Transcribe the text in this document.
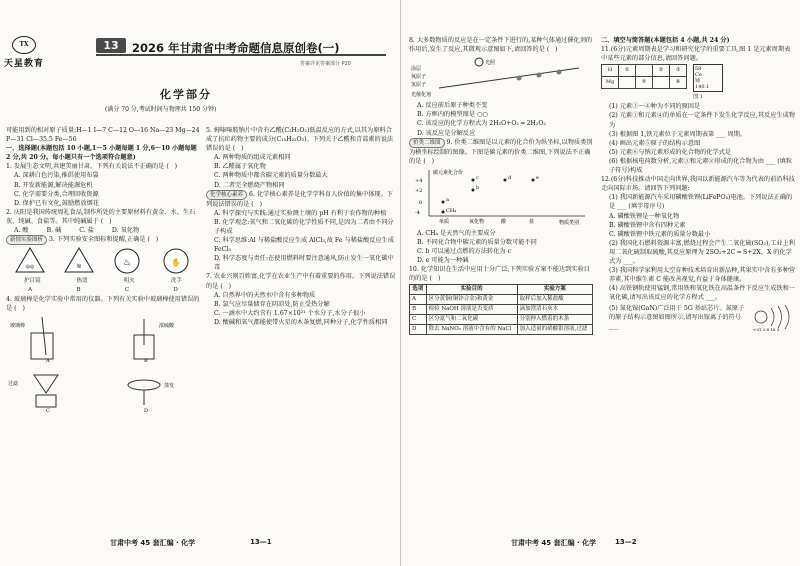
TX
天星教育
13	2026 年甘肃省中考命题信息原创卷(一)
答案详见答案部分 P20
化学部分
(满分 70 分,考试时间与物理共 150 分钟)

可能用到的相对原子质量:H—1 I—7 C—12 O—16 Na—23 Mg—24 P—31 Cl—35.5 Fe—56

一、选择题(本题包括 10 小题,1～5 小题每题 1 分,6～10 小题每题 2 分,共 20 分。每小题只有一个选项符合题意)

1. 发展生态文明,共建美丽甘肃。下列有关说法不正确的是 (   )

A. 深耕白色污染,推倡使用布袋

B. 开发新能源,解决能源危机

C. 化学需要分类,合理回收资源

D. 保护已有文化,鼓励燃放烟花

2. 庆阳是我国传统周礼食品,制作所处的主要原材料有黄金、水、生石灰、纯碱、食盐等。其中纯碱属于 (   )

A. 酸	B. 碱	C. 盐	D. 氧化物

新情实验图析 3. 下列实验安全图标和提醒,正确是 (   )

◎◎	≋	♨	✋
护目镜	热烫	明火	洗手
A	B	C	D

4. 玻璃棒是化学实验中常用的仪器。下列有关实验中玻璃棒使用错误的是 (   )

玻璃棒
A
浓硫酸
B
过滤
C
蒸发
D

5. 姆嗪嗪胺钠片中含有乙酰(C₂H₂O₂)低温反应的方式,以其为原料合成了抗疟药物主要的成分(C₁₅H₂₂O₅)。下列关于乙酰和青蒿素的说法错误的是 (   )

A. 两种物质的组成元素相同

B. 乙醛属于氧化物

C. 两种物质中都含碳元素的质量分数最大

D. 二者完全燃烧产物相同

化学核心素养 6. 化学核心素养是化学学科育人价值的集中体现。下列说法错误的是 (   )

A. 科学探究与实践:通过实验测土壤的 pH 有利于农作物的种植

B. 化学观念:氧气和二氧化碳的化学性质不同,是因为二者由不同分子构成

C. 科学思维:Al 与稀盐酸反应生成 AlCl₃,故 Fe 与稀盐酸反应生成 FeCl₃

D. 科学态度与责任:在使用燃料时要注意通风,防止发生一氧化碳中毒

7. 农业兴则百姓富,化学在农业生产中有着重要的作用。下列说法错误的是 (   )

A. 自然界中的天然水中含有多种物质

B. 氯气应尽量储存在阴凉处,防止受热分解

C. 一滴水中大约含有 1.67×10²¹ 个水分子,水分子很小

D. 酸碱和氧气都能使带火星的木条复燃,同种分子,化学性质相同

甘肃中考 45 套汇编 · 化学	13—1

8. 大多数物质的反应是在一定条件下进行的,某种气体通过催化剂的作用后,发生了反应,其微观示意图如下,请回答的是 (   )

涂层
氧原子
氢原子
光照
光催化剂

A. 反应前后原子种类不变

B. 方框内的模型图是 ○○

C. 该反应的化学方程式为 2H₂O+O₂ ═ 2H₂O₂

D. 该反应是分解反应

价类二维图 9. 价类二维图是以元素的化合价为纵坐标,以物质类别为横坐标绘制的图像。下图是碳元素的价类二维图,下列说法不正确的是 (   )

碳元素化合价
物质类别
+4
+2
0
-4
单质	氧化物	酸	盐
a
b
c	d	e
CH₄

A. CH₄ 是天然气的主要成分

B. 不同化合物中碳元素的质量分数可能不同

C. b 可以通过点燃的方法转化为 c

D. e 可能为一种碱

10. 化学知识在生活中应用十分广泛,下列实验方案不能达到实验目的的是 (   )

选项	实验目的	实验方案
A	区分黄铜(铜锌合金)和黄金	取样后加入稀盐酸
B	检验 NaOH 溶液是否变质	滴加澄清石灰水
C	区分氮气和二氧化碳	分别伸入燃着的木条
D	除去 NaNO₃ 溶液中含有的 NaCl	加入适量的硝酸银溶液,过滤

二、填空与简答题(本题包括 4 小题,共 24 分)

11.(6分)元素周期表是学习和研究化学的重要工具,图 1 是元素周期表中某些元素的部分信息,请回答问题。

H	①		②	③
Mg		⑤		⑥
58
Ce
铈
140.1

图 1

(1) 元素①～④种为不同的原因是

(2) 元素①和元素④的单质在一定条件下发生化学反应,其反应生成物为

(3) 根据图 1,铁元素位于元素周期表第 ___ 周期。

(4) 画出元素⑤原子的结构示意图

(5) 元素⑥与钠元素形成的化合物的化学式是

(6) 根据核电荷数分析,元素③和元素②形成的化合物为由 ___ (填粒子符号)构成

12.(6分)科技推动中国走向世界,我国以新能源汽车等为代表的前沿科技走向国际市场。请回答下列问题:

(1) 我国新能源汽车采用磷酸铁锂(LiFePO₄)电池。下列说法正确的是 ___ (填字母序号)

A. 磷酸铁锂是一种氧化物

B. 磷酸铁锂中含有四种元素

C. 磷酸铁锂中铁元素的质量分数最小

(2) 我国化石燃料资源丰富,燃烧过程会产生二氧化硫(SO₂),工业上利用二氧化硫制取硫酸,其反应原理为 2SO₂+2C ═ S+2X。X 的化学式为 ___。

(3) 我国科学家利用太空育种技术培育出新品种,其果实中含有多种营养素,其中维生素 C 能改善视觉,有益于身体健康。

(4) 高铁钢轨使用锰钢,常用铁和氧化铁在高温条件下反应生成铁和一氧化碳,请写出该反应的化学方程式 ___。

(5) 氮化镓(GaN)广泛用于 5G 基站芯片。氮原子的原子结构示意图如图所示,请写出镓离子的符号 ___	+31 2 8 18 3
甘肃中考 45 套汇编 · 化学	13—2
